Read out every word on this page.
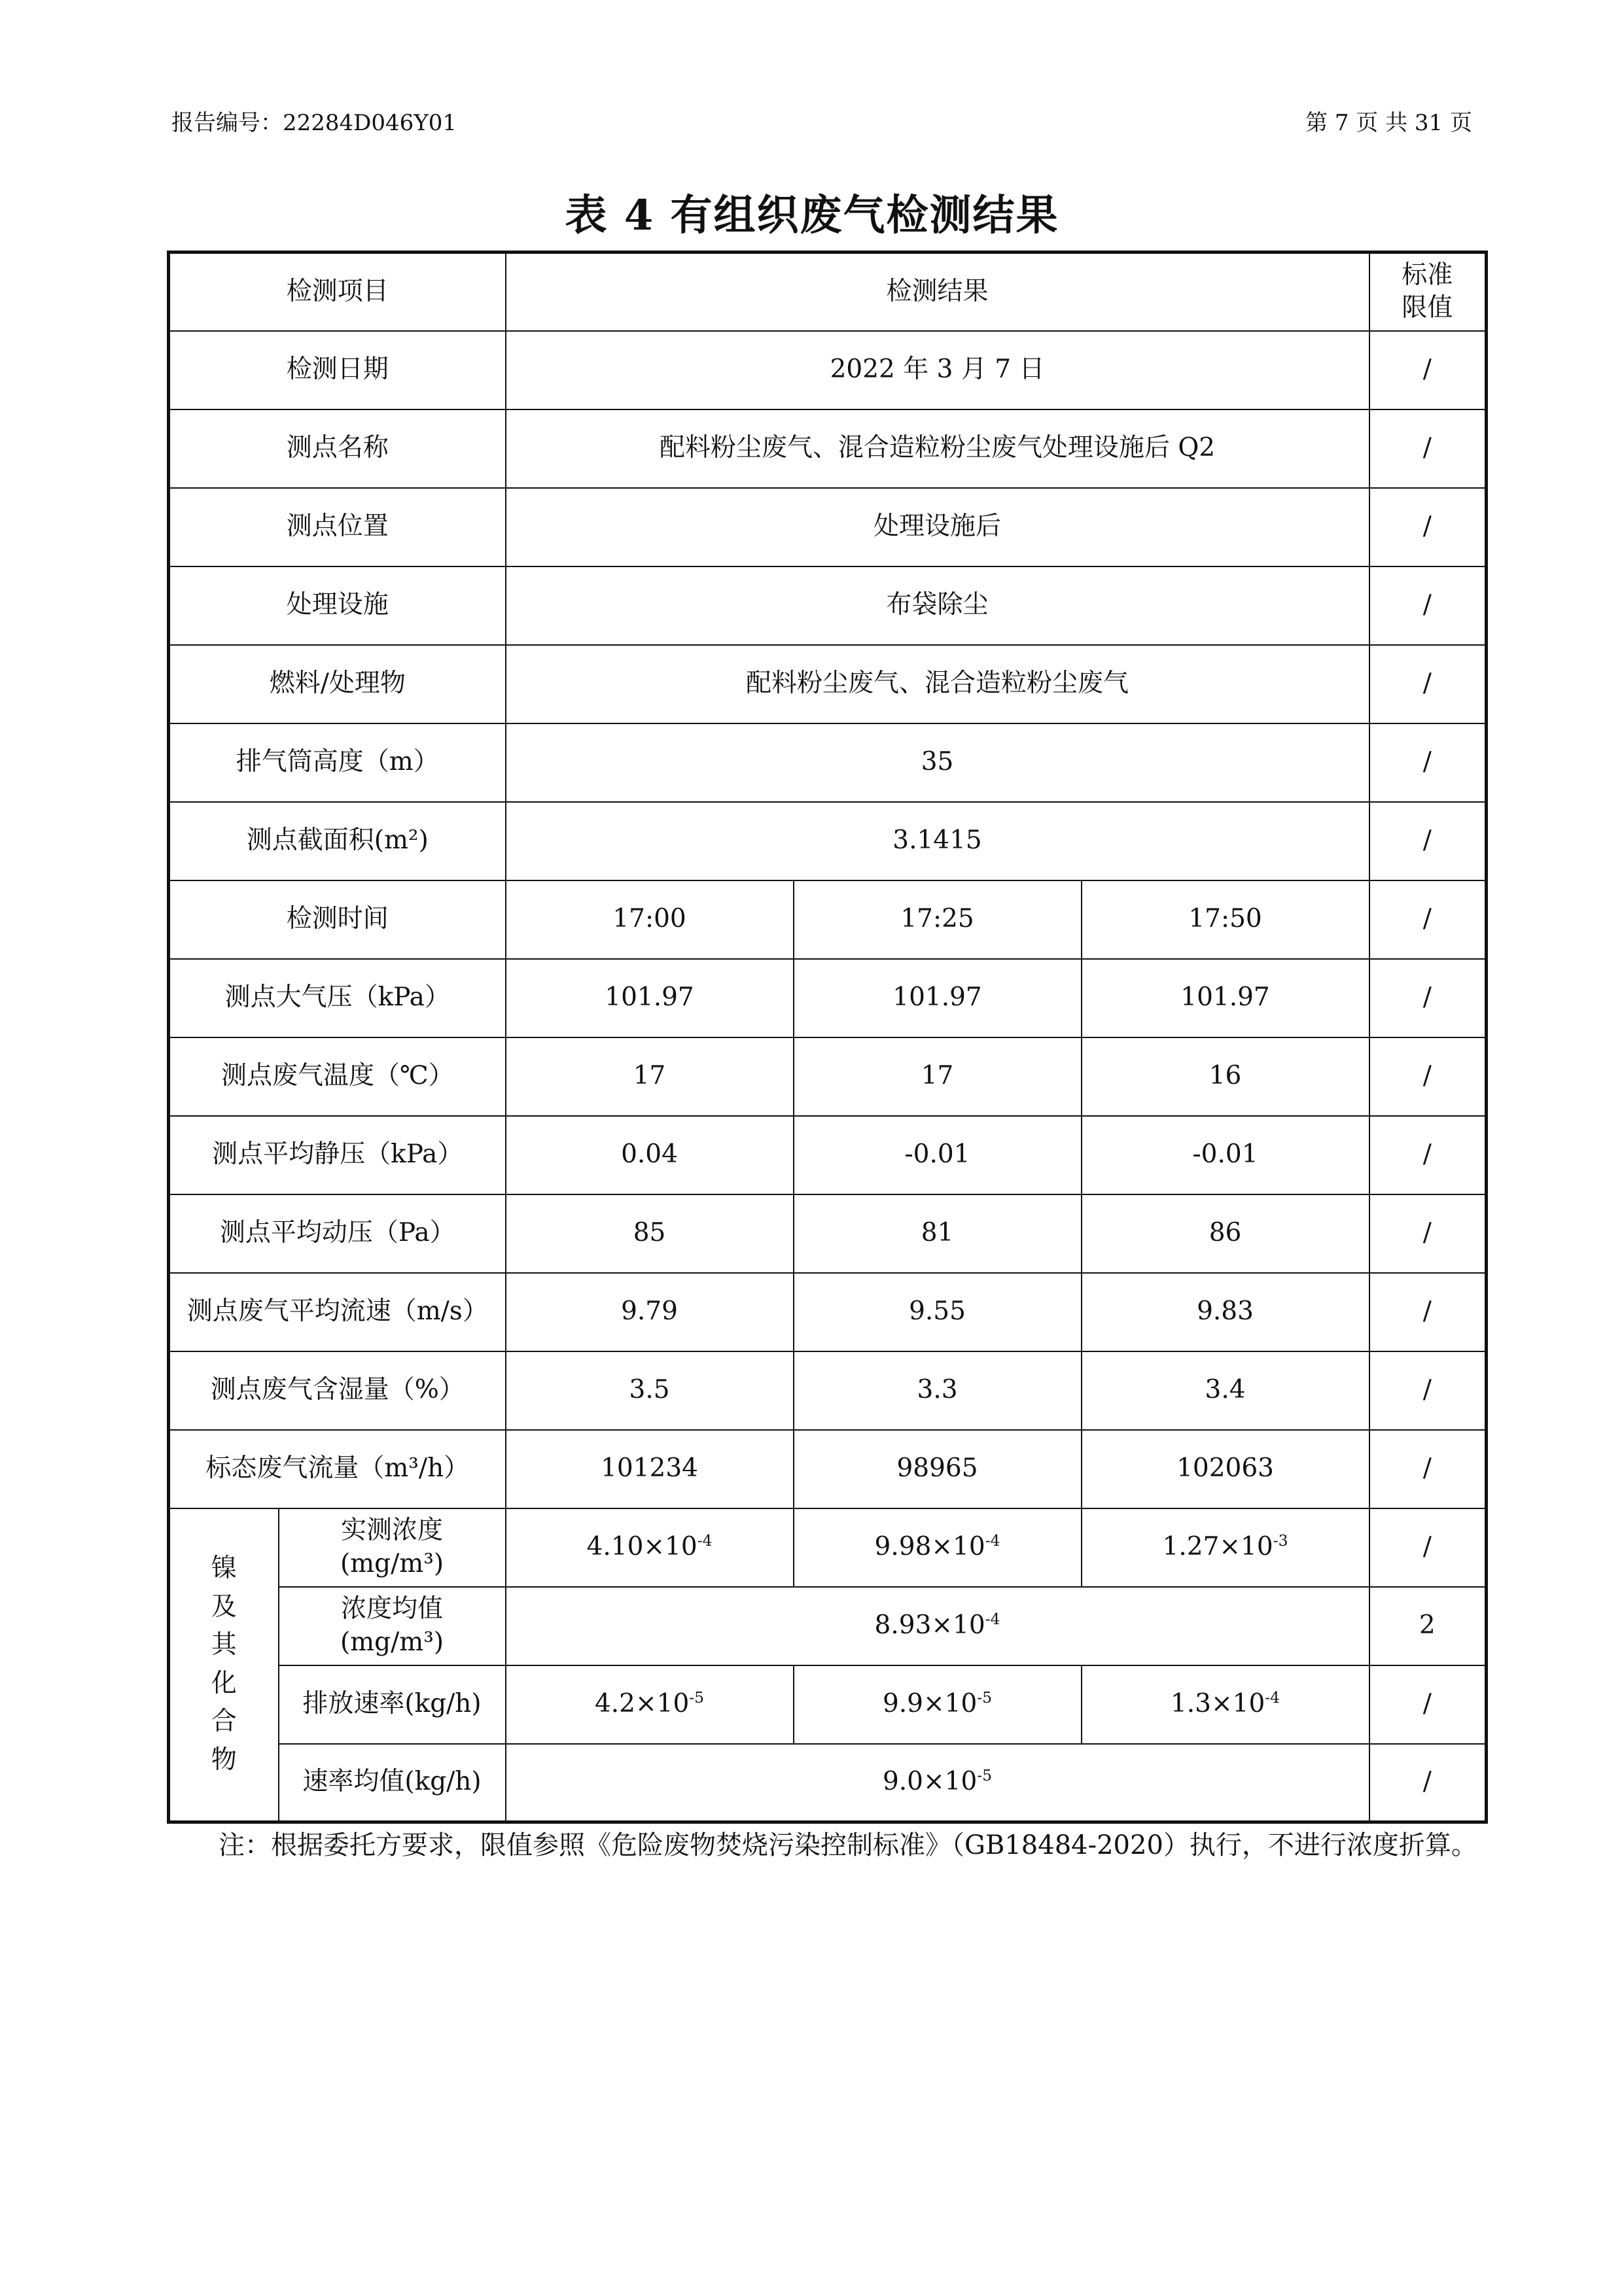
报告编号：22284D046Y01	第 7 页 共 31 页
表 4 有组织废气检测结果
检测项目		检测结果			标准限值
检测日期		2022 年 3 月 7 日			/
测点名称		配料粉尘废气、混合造粒粉尘废气处理设施后 Q2			/
测点位置		处理设施后			/
处理设施		布袋除尘			/
燃料/处理物		配料粉尘废气、混合造粒粉尘废气			/
排气筒高度（m）		35			/
测点截面积(m²)		3.1415			/
检测时间		17:00	17:25	17:50	/
测点大气压（kPa）		101.97	101.97	101.97	/
测点废气温度（℃）		17	17	16	/
测点平均静压（kPa）		0.04	-0.01	-0.01	/
测点平均动压（Pa）		85	81	86	/
测点废气平均流速（m/s）		9.79	9.55	9.83	/
测点废气含湿量（%）		3.5	3.3	3.4	/
标态废气流量（m³/h）		101234	98965	102063	/
镍及其化合物	实测浓度
(mg/m³)	$4.10\times 10^{-4}$	$9.98\times 10^{-4}$	$1.27\times 10^{-3}$	/
	浓度均值
(mg/m³)	$8.93\times 10^{-4}$			2
	排放速率(kg/h)	$4.2\times 10^{-5}$	$9.9\times 10^{-5}$	$1.3\times 10^{-4}$	/
	速率均值(kg/h)	$9.0\times 10^{-5}$			/
注：根据委托方要求，限值参照《危险废物焚烧污染控制标准》（GB18484-2020）执行，不进行浓度折算。
